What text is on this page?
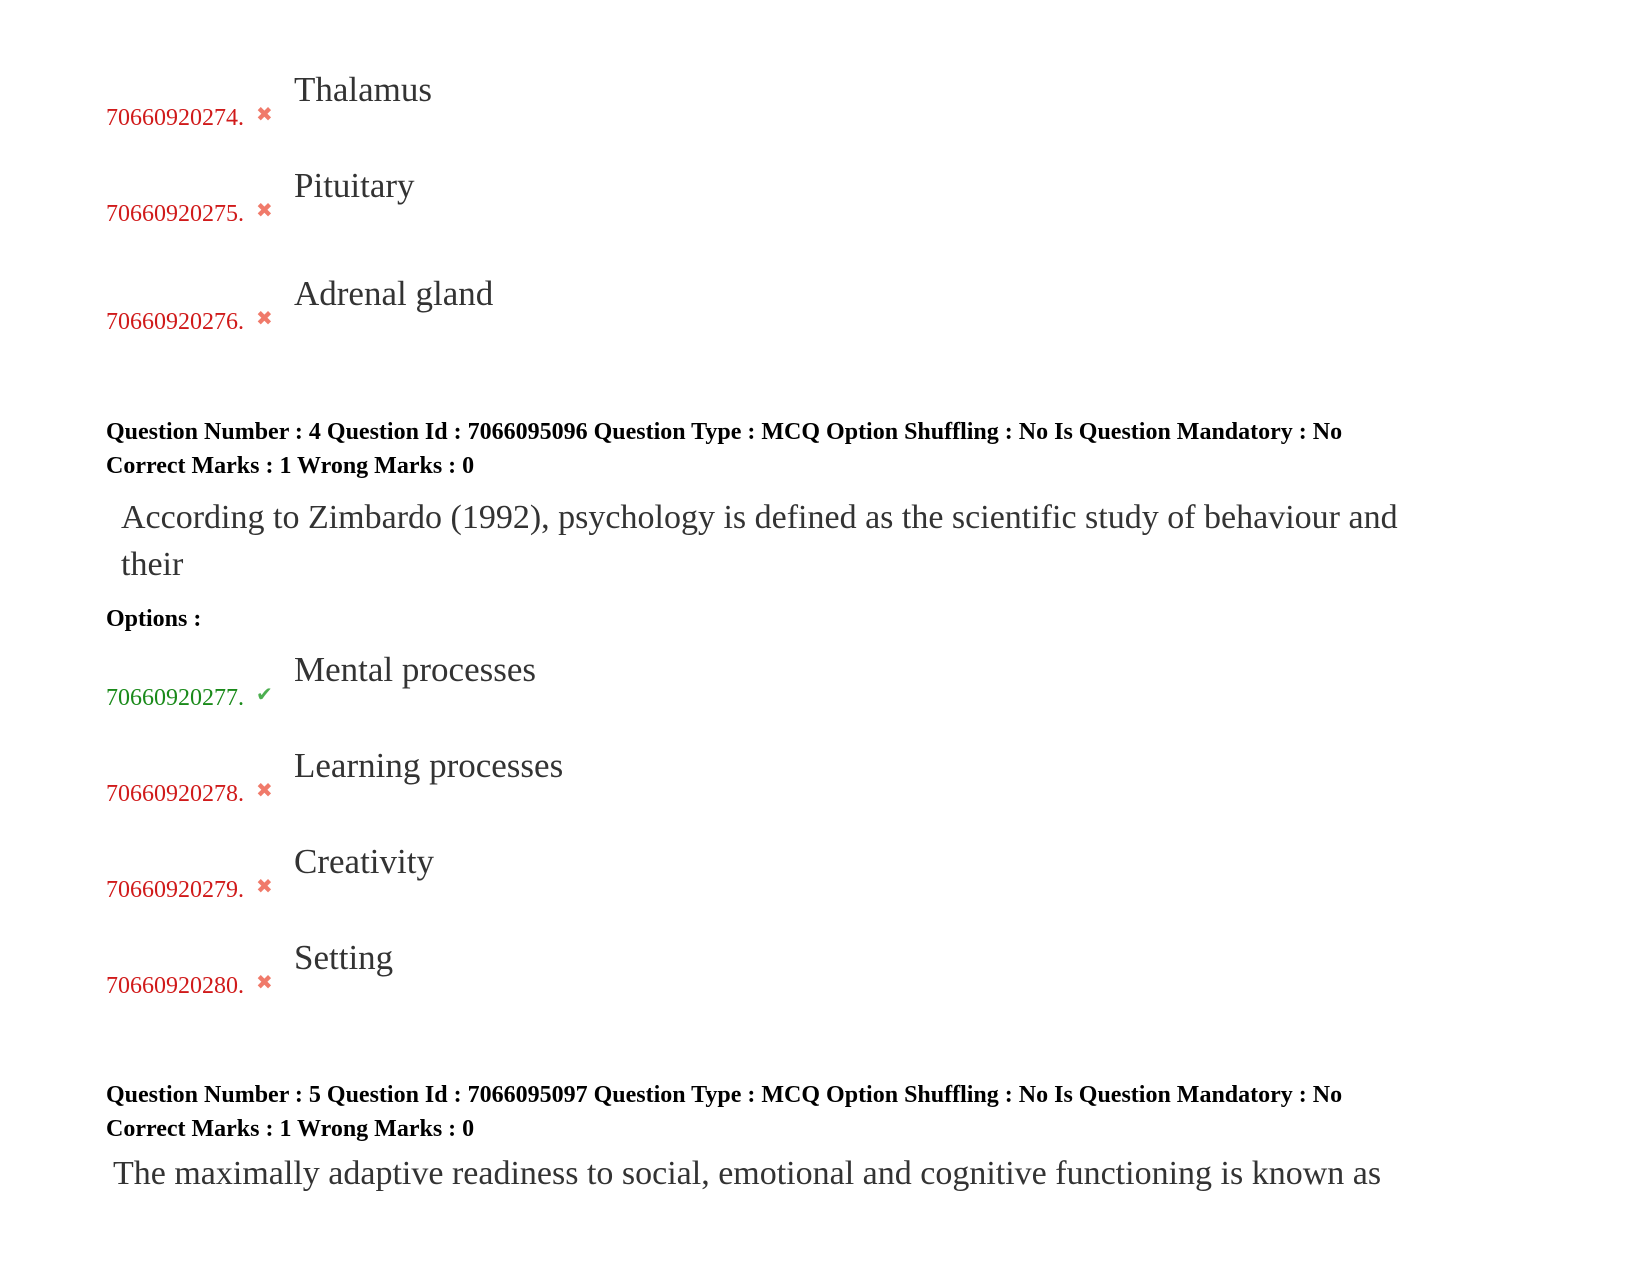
70660920274. ✖
Thalamus
70660920275. ✖
Pituitary
70660920276. ✖
Adrenal gland
Question Number : 4 Question Id : 7066095096 Question Type : MCQ Option Shuffling : No Is Question Mandatory : No
Correct Marks : 1 Wrong Marks : 0
According to Zimbardo (1992), psychology is defined as the scientific study of behaviour and
their
Options :
70660920277. ✔
Mental processes
70660920278. ✖
Learning processes
70660920279. ✖
Creativity
70660920280. ✖
Setting
Question Number : 5 Question Id : 7066095097 Question Type : MCQ Option Shuffling : No Is Question Mandatory : No
Correct Marks : 1 Wrong Marks : 0
The maximally adaptive readiness to social, emotional and cognitive functioning is known as
